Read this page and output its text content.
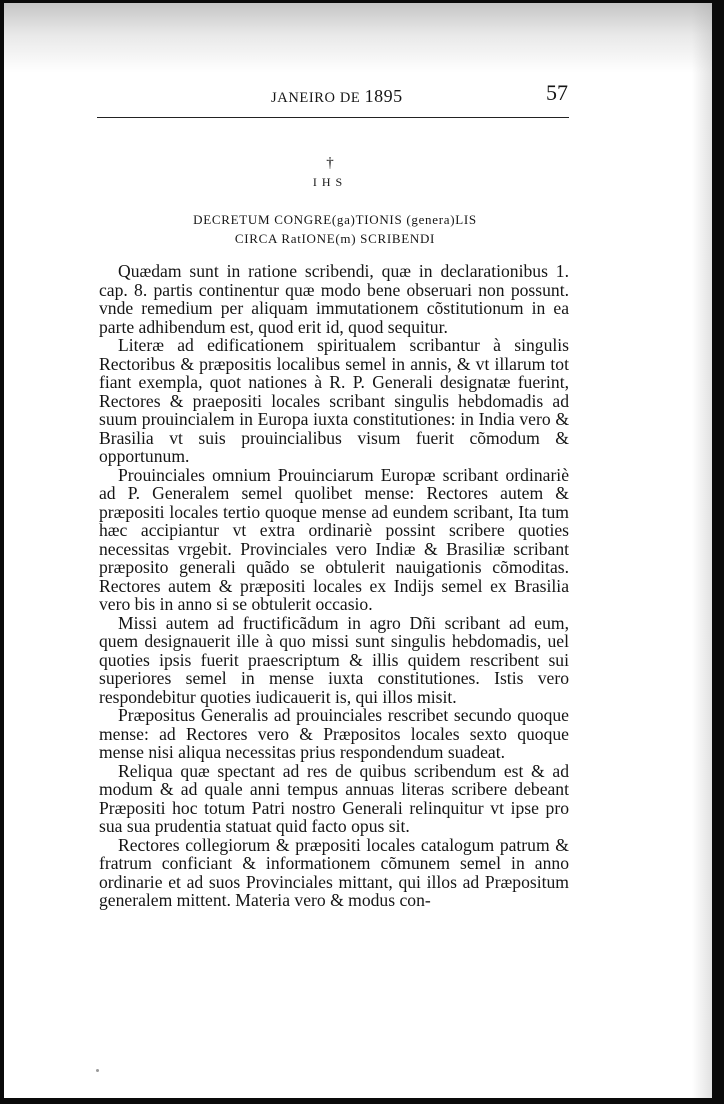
JANEIRO DE 1895	57
†
IHS
DECRETUM CONGRE(ga)TIONIS (genera)LIS
CIRCA RatIONE(m) SCRIBENDI

Quædam sunt in ratione scribendi, quæ in declarationibus 1. cap. 8. partis continentur quæ modo bene obseruari non possunt. vnde remedium per aliquam immutationem cõstitutionum in ea parte adhibendum est, quod erit id, quod sequitur.

Literæ ad edificationem spiritualem scribantur à singulis Rectoribus & præpositis localibus semel in annis, & vt illarum tot fiant exempla, quot nationes à R. P. Generali designatæ fuerint, Rectores & praepositi locales scribant singulis hebdomadis ad suum prouincialem in Europa iuxta constitutiones: in India vero & Brasilia vt suis prouincialibus visum fuerit cõmodum & opportunum.

Prouinciales omnium Prouinciarum Europæ scribant ordinariè ad P. Generalem semel quolibet mense: Rectores autem & præpositi locales tertio quoque mense ad eundem scribant, Ita tum hæc accipiantur vt extra ordinariè possint scribere quoties necessitas vrgebit. Provinciales vero Indiæ & Brasiliæ scribant præposito generali quãdo se obtulerit nauigationis cõmoditas. Rectores autem & præpositi locales ex Indijs semel ex Brasilia vero bis in anno si se obtulerit occasio.

Missi autem ad fructificãdum in agro Dñi scribant ad eum, quem designauerit ille à quo missi sunt singulis hebdomadis, uel quoties ipsis fuerit praescriptum & illis quidem rescribent sui superiores semel in mense iuxta constitutiones. Istis vero respondebitur quoties iudicauerit is, qui illos misit.

Præpositus Generalis ad prouinciales rescribet secundo quoque mense: ad Rectores vero & Præpositos locales sexto quoque mense nisi aliqua necessitas prius respondendum suadeat.

Reliqua quæ spectant ad res de quibus scribendum est & ad modum & ad quale anni tempus annuas literas scribere debeant Præpositi hoc totum Patri nostro Generali relinquitur vt ipse pro sua sua prudentia statuat quid facto opus sit.

Rectores collegiorum & præpositi locales catalogum patrum & fratrum conficiant & informationem cõmunem semel in anno ordinarie et ad suos Provinciales mittant, qui illos ad Præpositum generalem mittent. Materia vero & modus con-
